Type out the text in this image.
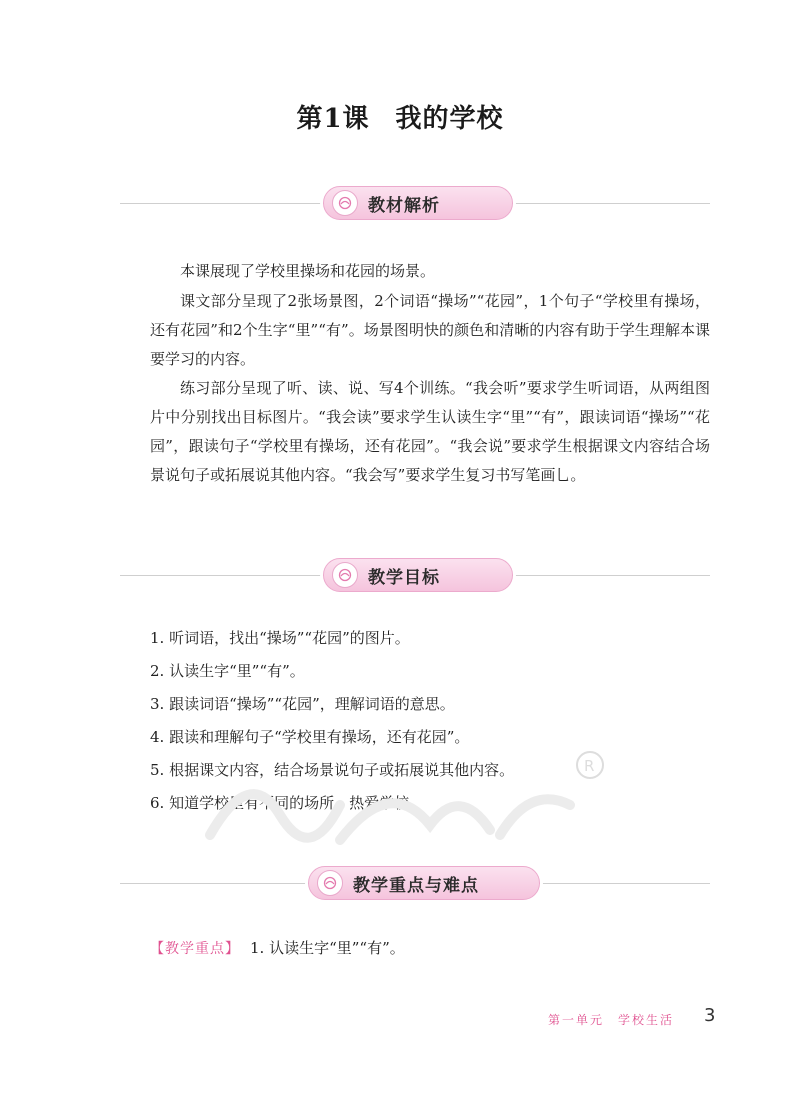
第1课 我的学校
教材解析

本课展现了学校里操场和花园的场景。

课文部分呈现了2张场景图，2个词语“操场”“花园”，1个句子“学校里有操场，还有花园”和2个生字“里”“有”。场景图明快的颜色和清晰的内容有助于学生理解本课要学习的内容。

练习部分呈现了听、读、说、写4个训练。“我会听”要求学生听词语，从两组图片中分别找出目标图片。“我会读”要求学生认读生字“里”“有”，跟读词语“操场”“花园”，跟读句子“学校里有操场，还有花园”。“我会说”要求学生根据课文内容结合场景说句子或拓展说其他内容。“我会写”要求学生复习书写笔画乚。

教学目标
1. 听词语，找出“操场”“花园”的图片。
2. 认读生字“里”“有”。
3. 跟读词语“操场”“花园”，理解词语的意思。
4. 跟读和理解句子“学校里有操场，还有花园”。
5. 根据课文内容，结合场景说句子或拓展说其他内容。
6. 知道学校里有不同的场所，热爱学校。
R
教学重点与难点
【教学重点】 1. 认读生字“里”“有”。
第一单元　学校生活 3
